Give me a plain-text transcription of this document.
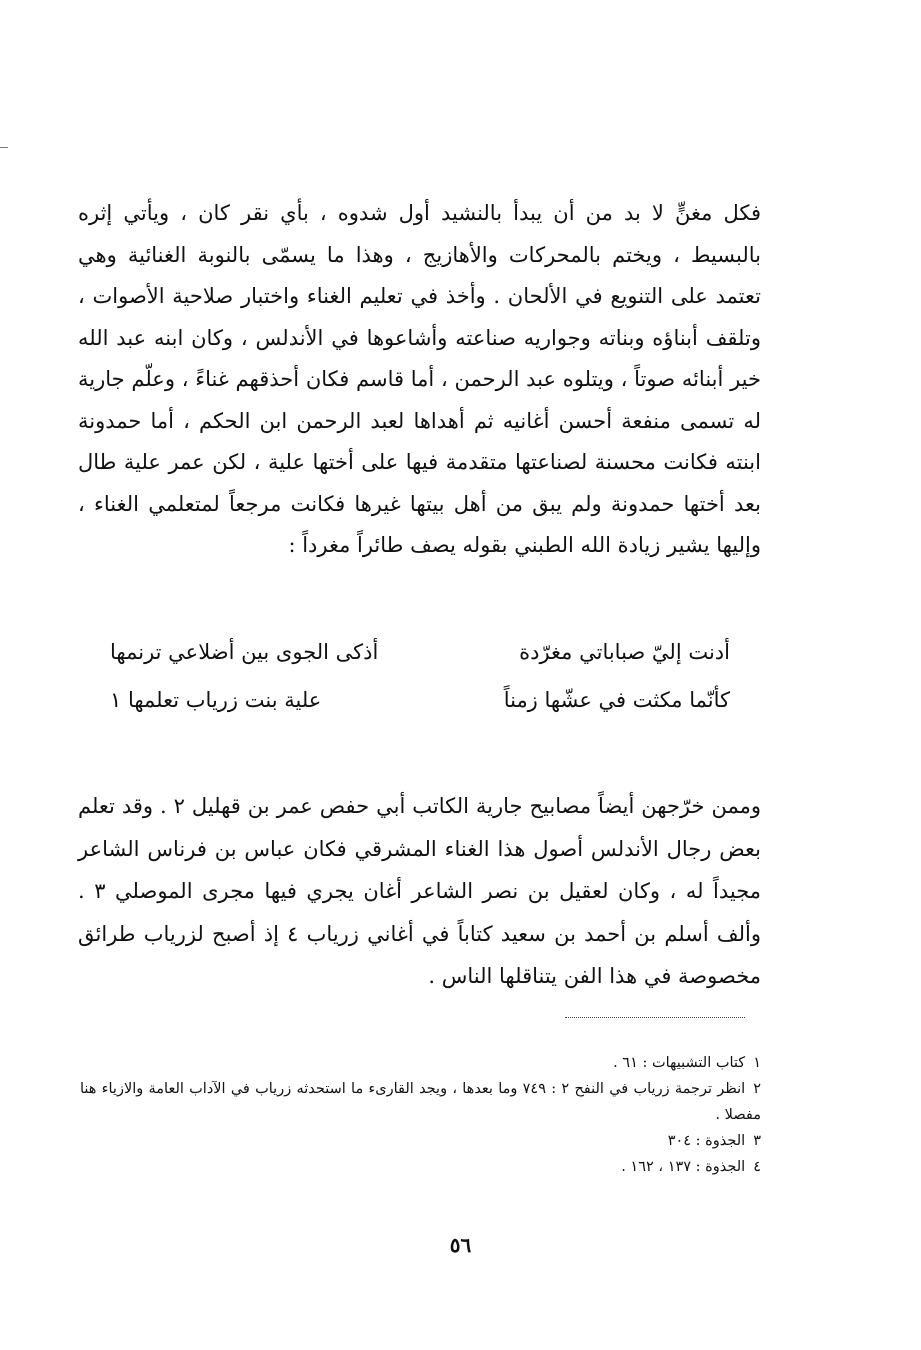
فكل مغنٍّ لا بد من أن يبدأ بالنشيد أول شدوه ، بأي نقر كان ، ويأتي إثره بالبسيط ، ويختم بالمحركات والأهازيج ، وهذا ما يسمّى بالنوبة الغنائية وهي تعتمد على التنويع في الألحان . وأخذ في تعليم الغناء واختبار صلاحية الأصوات ، وتلقف أبناؤه وبناته وجواريه صناعته وأشاعوها في الأندلس ، وكان ابنه عبد الله خير أبنائه صوتاً ، ويتلوه عبد الرحمن ، أما قاسم فكان أحذقهم غناءً ، وعلّم جارية له تسمى منفعة أحسن أغانيه ثم أهداها لعبد الرحمن ابن الحكم ، أما حمدونة ابنته فكانت محسنة لصناعتها متقدمة فيها على أختها علية ، لكن عمر علية طال بعد أختها حمدونة ولم يبق من أهل بيتها غيرها فكانت مرجعاً لمتعلمي الغناء ، وإليها يشير زيادة الله الطبني بقوله يصف طائراً مغرداً :

أدنت إليّ صباباتي مغرّدة
أذكى الجوى بين أضلاعي ترنمها
كأنّما مكثت في عشّها زمناً
علية بنت زرياب تعلمها ١

وممن خرّجهن أيضاً مصابيح جارية الكاتب أبي حفص عمر بن قهليل ٢ . وقد تعلم بعض رجال الأندلس أصول هذا الغناء المشرقي فكان عباس بن فرناس الشاعر مجيداً له ، وكان لعقيل بن نصر الشاعر أغان يجري فيها مجرى الموصلي ٣ . وألف أسلم بن أحمد بن سعيد كتاباً في أغاني زرياب ٤ إذ أصبح لزرياب طرائق مخصوصة في هذا الفن يتناقلها الناس .

١كتاب التشبيهات : ٦١ .
٢انظر ترجمة زرياب في النفح ٢ : ٧٤٩ وما بعدها ، ويجد القارىء ما استحدثه زرياب في الآداب العامة والازياء هنا مفصلا .
٣الجذوة : ٣٠٤
٤الجذوة : ١٣٧ ، ١٦٢ .
٥٦
